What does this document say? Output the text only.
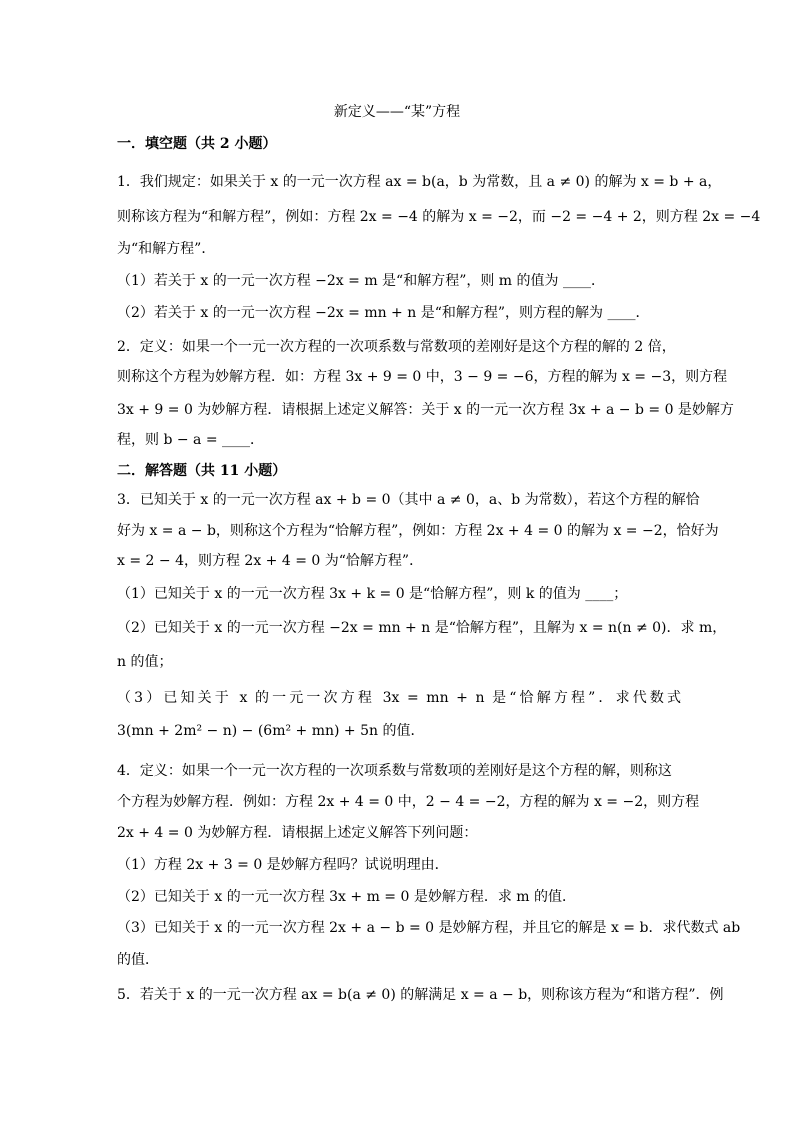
新定义——“某”方程
一．填空题（共 2 小题）
1．我们规定：如果关于 x 的一元一次方程 ax = b(a，b 为常数，且 a ≠ 0) 的解为 x = b + a，
则称该方程为“和解方程”，例如：方程 2x = −4 的解为 x = −2，而 −2 = −4 + 2，则方程 2x = −4
为“和解方程”．
（1）若关于 x 的一元一次方程 −2x = m 是“和解方程”，则 m 的值为 ____．
（2）若关于 x 的一元一次方程 −2x = mn + n 是“和解方程”，则方程的解为 ____．
2．定义：如果一个一元一次方程的一次项系数与常数项的差刚好是这个方程的解的 2 倍，
则称这个方程为妙解方程．如：方程 3x + 9 = 0 中，3 − 9 = −6，方程的解为 x = −3，则方程
3x + 9 = 0 为妙解方程．请根据上述定义解答：关于 x 的一元一次方程 3x + a − b = 0 是妙解方
程，则 b − a = ____．
二．解答题（共 11 小题）
3．已知关于 x 的一元一次方程 ax + b = 0（其中 a ≠ 0，a、b 为常数），若这个方程的解恰
好为 x = a − b，则称这个方程为“恰解方程”，例如：方程 2x + 4 = 0 的解为 x = −2，恰好为
x = 2 − 4，则方程 2x + 4 = 0 为“恰解方程”．
（1）已知关于 x 的一元一次方程 3x + k = 0 是“恰解方程”，则 k 的值为 ____；
（2）已知关于 x 的一元一次方程 −2x = mn + n 是“恰解方程”，且解为 x = n(n ≠ 0)．求 m，
n 的值；
（3）已知关于 x 的一元一次方程 3x = mn + n 是“恰解方程”．求代数式
3(mn + 2m² − n) − (6m² + mn) + 5n 的值．
4．定义：如果一个一元一次方程的一次项系数与常数项的差刚好是这个方程的解，则称这
个方程为妙解方程．例如：方程 2x + 4 = 0 中，2 − 4 = −2，方程的解为 x = −2，则方程
2x + 4 = 0 为妙解方程．请根据上述定义解答下列问题：
（1）方程 2x + 3 = 0 是妙解方程吗？试说明理由．
（2）已知关于 x 的一元一次方程 3x + m = 0 是妙解方程．求 m 的值．
（3）已知关于 x 的一元一次方程 2x + a − b = 0 是妙解方程，并且它的解是 x = b．求代数式 ab
的值．
5．若关于 x 的一元一次方程 ax = b(a ≠ 0) 的解满足 x = a − b，则称该方程为“和谐方程”．例
